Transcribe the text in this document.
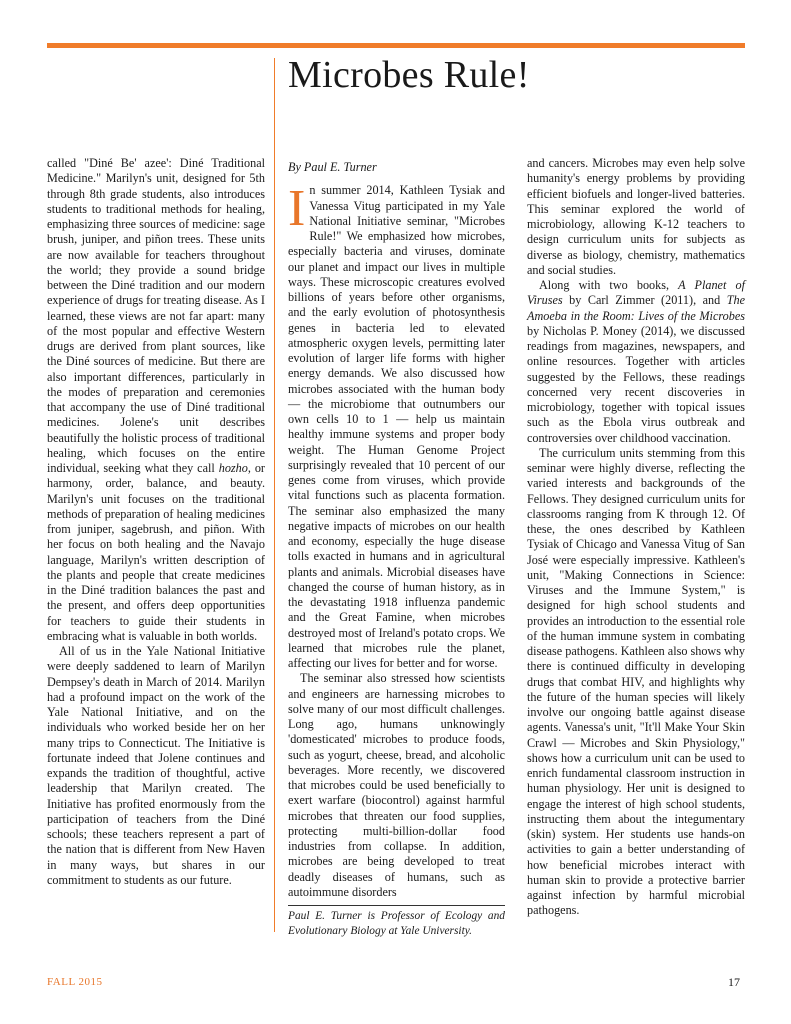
Microbes Rule!

called "Diné Be' azee': Diné Traditional Medicine." Marilyn's unit, designed for 5th through 8th grade students, also introduces students to traditional methods for healing, emphasizing three sources of medicine: sage brush, juniper, and piñon trees. These units are now available for teachers throughout the world; they provide a sound bridge between the Diné tradition and our modern experience of drugs for treating disease. As I learned, these views are not far apart: many of the most popular and effective Western drugs are derived from plant sources, like the Diné sources of medicine. But there are also important differences, particularly in the modes of preparation and ceremonies that accompany the use of Diné traditional medicines. Jolene's unit describes beautifully the holistic process of traditional healing, which focuses on the entire individual, seeking what they call hozho, or harmony, order, balance, and beauty. Marilyn's unit focuses on the traditional methods of preparation of healing medicines from juniper, sagebrush, and piñon. With her focus on both healing and the Navajo language, Marilyn's written description of the plants and people that create medicines in the Diné tradition balances the past and the present, and offers deep opportunities for teachers to guide their students in embracing what is valuable in both worlds.

All of us in the Yale National Initiative were deeply saddened to learn of Marilyn Dempsey's death in March of 2014. Marilyn had a profound impact on the work of the Yale National Initiative, and on the individuals who worked beside her on her many trips to Connecticut. The Initiative is fortunate indeed that Jolene continues and expands the tradition of thoughtful, active leadership that Marilyn created. The Initiative has profited enormously from the participation of teachers from the Diné schools; these teachers represent a part of the nation that is different from New Haven in many ways, but shares in our commitment to students as our future.

By Paul E. Turner

In summer 2014, Kathleen Tysiak and Vanessa Vitug participated in my Yale National Initiative seminar, "Microbes Rule!" We emphasized how microbes, especially bacteria and viruses, dominate our planet and impact our lives in multiple ways. These microscopic creatures evolved billions of years before other organisms, and the early evolution of photosynthesis genes in bacteria led to elevated atmospheric oxygen levels, permitting later evolution of larger life forms with higher energy demands. We also discussed how microbes associated with the human body — the microbiome that outnumbers our own cells 10 to 1 — help us maintain healthy immune systems and proper body weight. The Human Genome Project surprisingly revealed that 10 percent of our genes come from viruses, which provide vital functions such as placenta formation. The seminar also emphasized the many negative impacts of microbes on our health and economy, especially the huge disease tolls exacted in humans and in agricultural plants and animals. Microbial diseases have changed the course of human history, as in the devastating 1918 influenza pandemic and the Great Famine, when microbes destroyed most of Ireland's potato crops. We learned that microbes rule the planet, affecting our lives for better and for worse.

The seminar also stressed how scientists and engineers are harnessing microbes to solve many of our most difficult challenges. Long ago, humans unknowingly 'domesticated' microbes to produce foods, such as yogurt, cheese, bread, and alcoholic beverages. More recently, we discovered that microbes could be used beneficially to exert warfare (biocontrol) against harmful microbes that threaten our food supplies, protecting multi-billion-dollar food industries from collapse. In addition, microbes are being developed to treat deadly diseases of humans, such as autoimmune disorders

Paul E. Turner is Professor of Ecology and Evolutionary Biology at Yale University.

and cancers. Microbes may even help solve humanity's energy problems by providing efficient biofuels and longer-lived batteries. This seminar explored the world of microbiology, allowing K-12 teachers to design curriculum units for subjects as diverse as biology, chemistry, mathematics and social studies.

Along with two books, A Planet of Viruses by Carl Zimmer (2011), and The Amoeba in the Room: Lives of the Microbes by Nicholas P. Money (2014), we discussed readings from magazines, newspapers, and online resources. Together with articles suggested by the Fellows, these readings concerned very recent discoveries in microbiology, together with topical issues such as the Ebola virus outbreak and controversies over childhood vaccination.

The curriculum units stemming from this seminar were highly diverse, reflecting the varied interests and backgrounds of the Fellows. They designed curriculum units for classrooms ranging from K through 12. Of these, the ones described by Kathleen Tysiak of Chicago and Vanessa Vitug of San José were especially impressive. Kathleen's unit, "Making Connections in Science: Viruses and the Immune System," is designed for high school students and provides an introduction to the essential role of the human immune system in combating disease pathogens. Kathleen also shows why there is continued difficulty in developing drugs that combat HIV, and highlights why the future of the human species will likely involve our ongoing battle against disease agents. Vanessa's unit, "It'll Make Your Skin Crawl — Microbes and Skin Physiology," shows how a curriculum unit can be used to enrich fundamental classroom instruction in human physiology. Her unit is designed to engage the interest of high school students, instructing them about the integumentary (skin) system. Her students use hands-on activities to gain a better understanding of how beneficial microbes interact with human skin to provide a protective barrier against infection by harmful microbial pathogens.

FALL 2015	17
